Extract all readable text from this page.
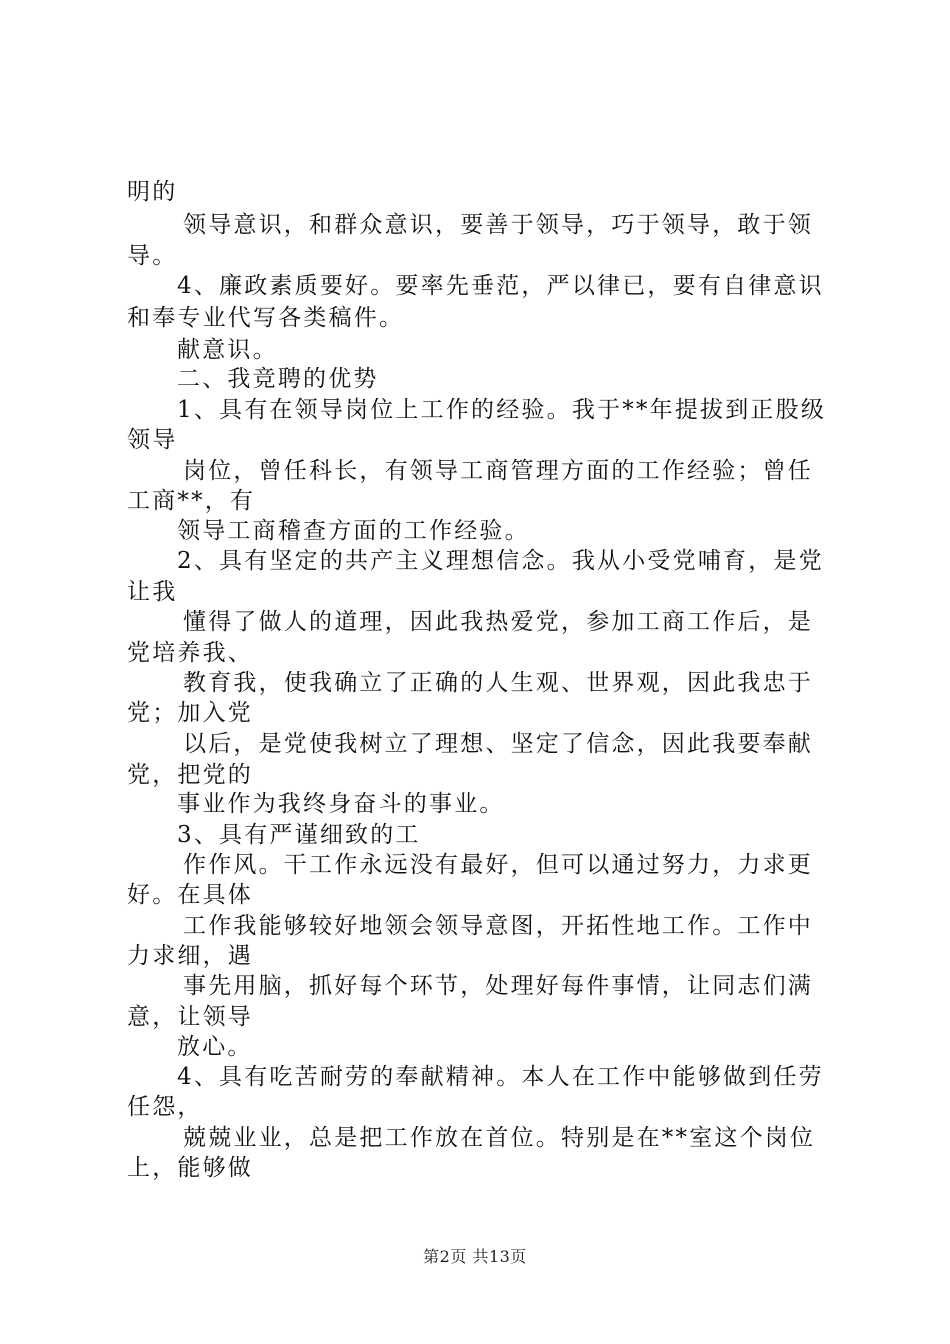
明的
领导意识，和群众意识，要善于领导，巧于领导，敢于领
导。
4、廉政素质要好。要率先垂范，严以律已，要有自律意识
和奉专业代写各类稿件。
献意识。
二、我竞聘的优势
1、具有在领导岗位上工作的经验。我于**年提拔到正股级
领导
岗位，曾任科长，有领导工商管理方面的工作经验；曾任
工商**，有
领导工商稽查方面的工作经验。
2、具有坚定的共产主义理想信念。我从小受党哺育，是党
让我
懂得了做人的道理，因此我热爱党，参加工商工作后，是
党培养我、
教育我，使我确立了正确的人生观、世界观，因此我忠于
党；加入党
以后，是党使我树立了理想、坚定了信念，因此我要奉献
党，把党的
事业作为我终身奋斗的事业。
3、具有严谨细致的工
作作风。干工作永远没有最好，但可以通过努力，力求更
好。在具体
工作我能够较好地领会领导意图，开拓性地工作。工作中
力求细，遇
事先用脑，抓好每个环节，处理好每件事情，让同志们满
意，让领导
放心。
4、具有吃苦耐劳的奉献精神。本人在工作中能够做到任劳
任怨，
兢兢业业，总是把工作放在首位。特别是在**室这个岗位
上，能够做
第2页 共13页
